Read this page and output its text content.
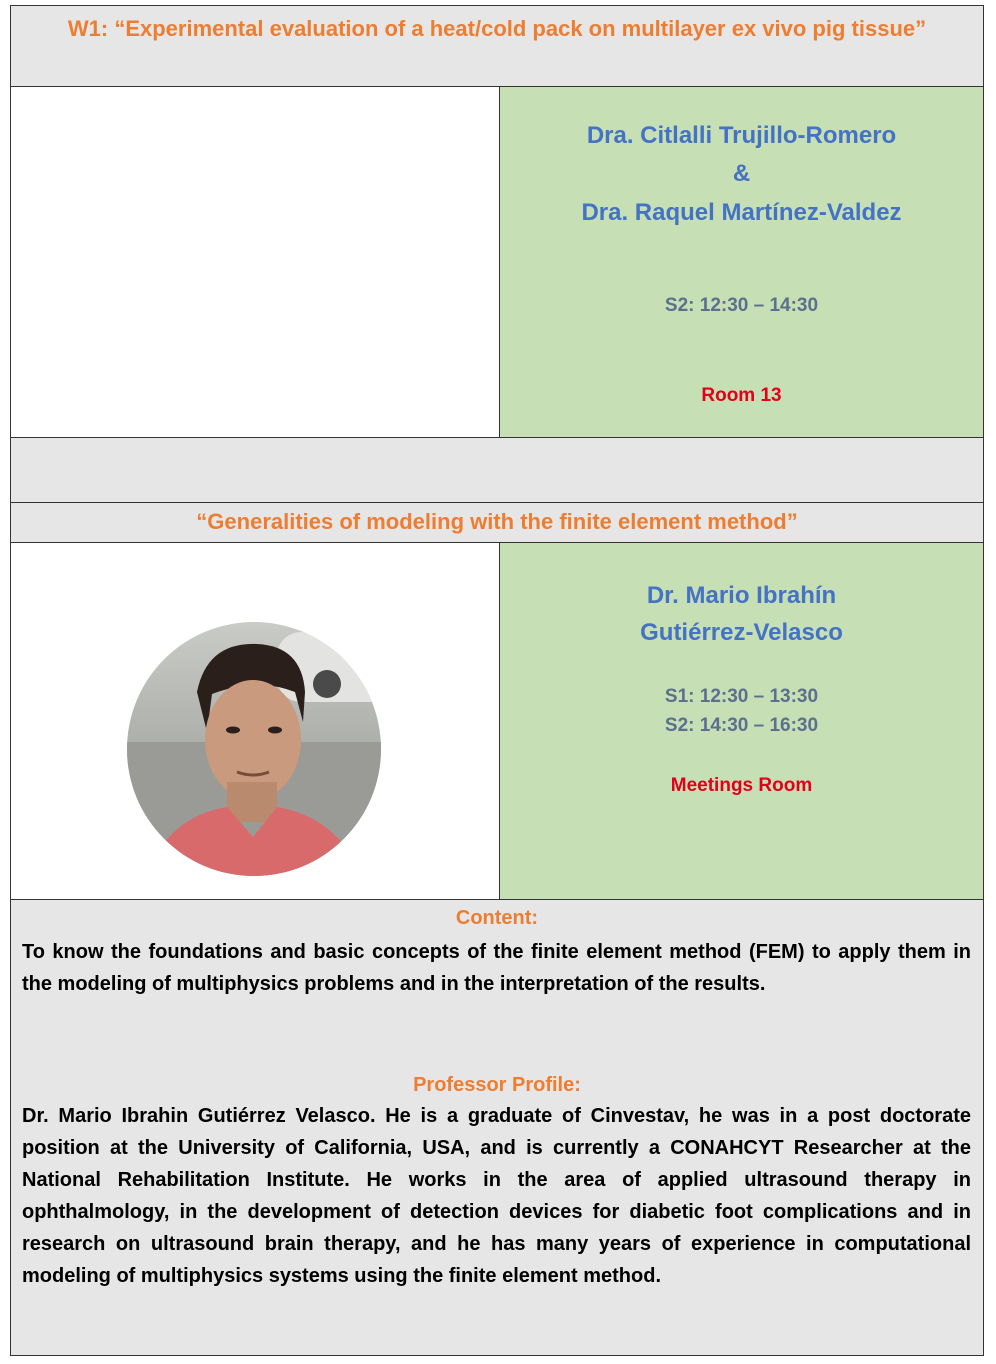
W1: “Experimental evaluation of a heat/cold pack on multilayer ex vivo pig tissue”
Dra. Citlalli Trujillo-Romero
&
Dra. Raquel Martínez-Valdez
S2: 12:30 – 14:30
Room 13
“Generalities of modeling with the finite element method”
Dr. Mario Ibrahín
Gutiérrez-Velasco
S1: 12:30 – 13:30
S2: 14:30 – 16:30
Meetings Room
Content:
To know the foundations and basic concepts of the finite element method (FEM) to apply them in the modeling of multiphysics problems and in the interpretation of the results.
Professor Profile:
Dr. Mario Ibrahin Gutiérrez Velasco. He is a graduate of Cinvestav, he was in a post doctorate position at the University of California, USA, and is currently a CONAHCYT Researcher at the National Rehabilitation Institute. He works in the area of applied ultrasound therapy in ophthalmology, in the development of detection devices for diabetic foot complications and in research on ultrasound brain therapy, and he has many years of experience in computational modeling of multiphysics systems using the finite element method.
